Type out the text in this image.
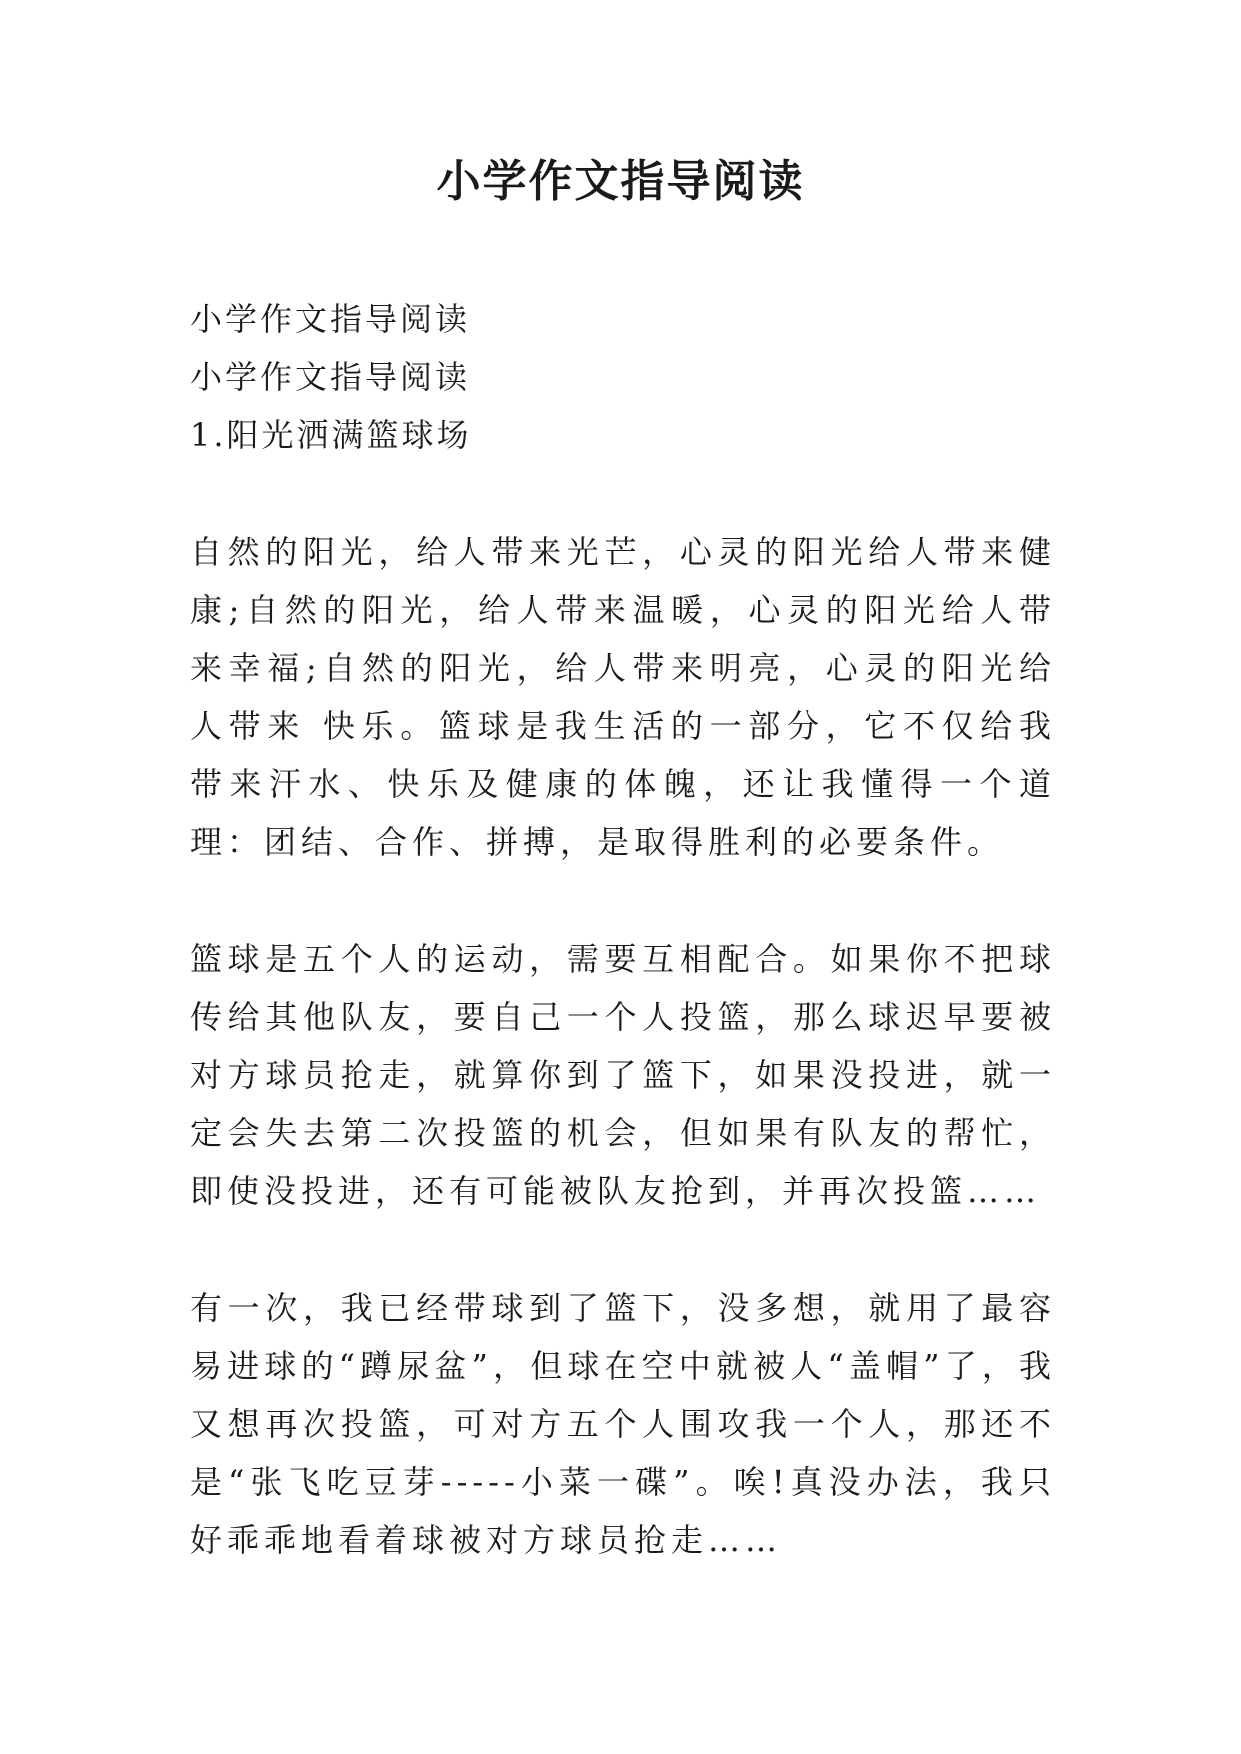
小学作文指导阅读
小学作文指导阅读
小学作文指导阅读
1.阳光洒满篮球场

自然的阳光，给人带来光芒，心灵的阳光给人带来健康;自然的阳光，给人带来温暖，心灵的阳光给人带来幸福;自然的阳光，给人带来明亮，心灵的阳光给人带来 快乐。篮球是我生活的一部分，它不仅给我带来汗水、快乐及健康的体魄，还让我懂得一个道理：团结、合作、拼搏，是取得胜利的必要条件。

篮球是五个人的运动，需要互相配合。如果你不把球传给其他队友，要自己一个人投篮，那么球迟早要被对方球员抢走，就算你到了篮下，如果没投进，就一定会失去第二次投篮的机会，但如果有队友的帮忙，即使没投进，还有可能被队友抢到，并再次投篮……

有一次，我已经带球到了篮下，没多想，就用了最容易进球的“蹲尿盆”，但球在空中就被人“盖帽”了，我又想再次投篮，可对方五个人围攻我一个人，那还不是“张飞吃豆芽-----小菜一碟”。唉!真没办法，我只好乖乖地看着球被对方球员抢走……
